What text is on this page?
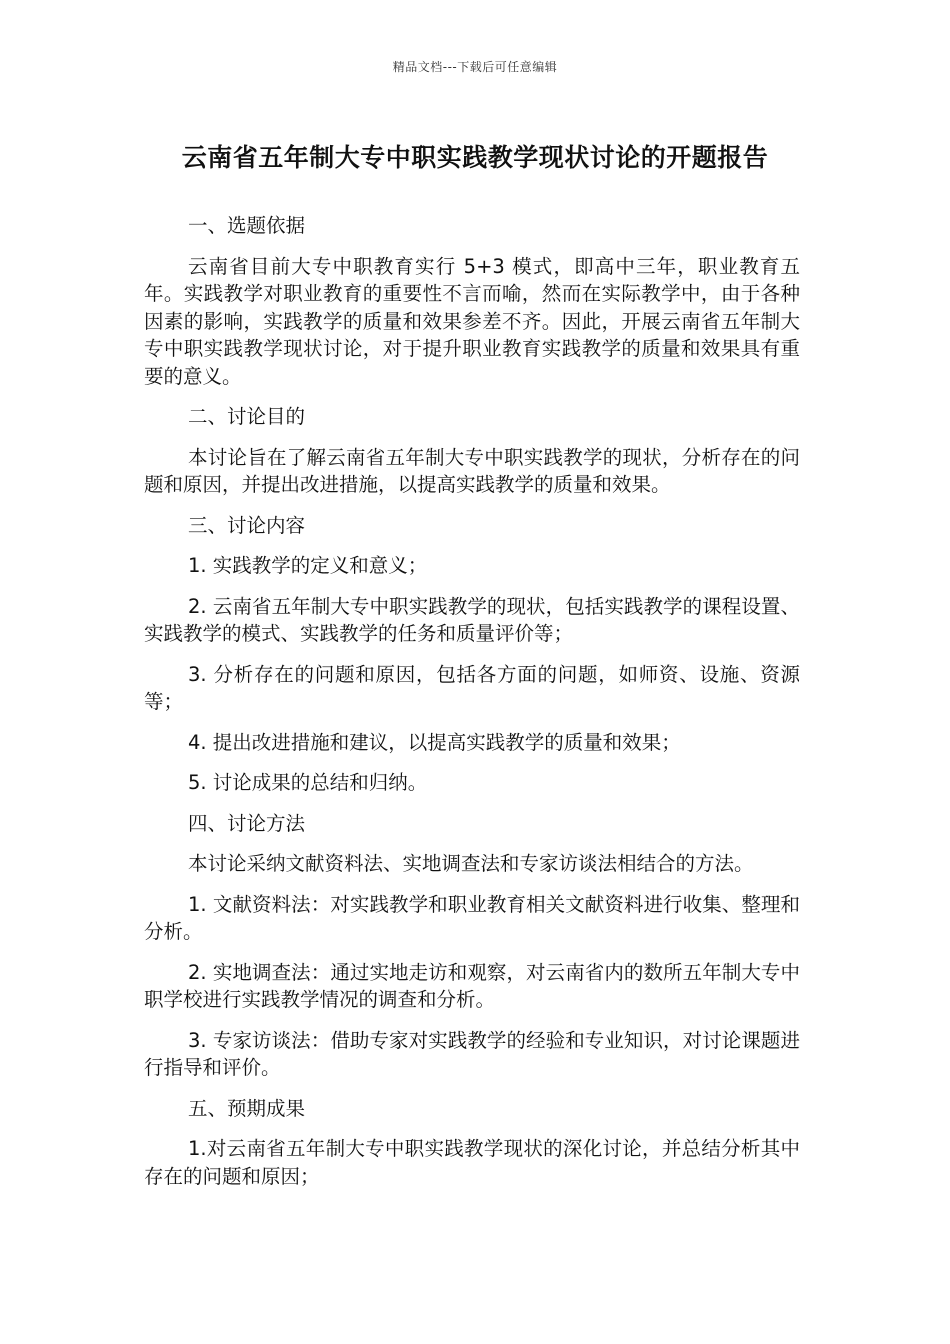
精品文档---下载后可任意编辑
云南省五年制大专中职实践教学现状讨论的开题报告

一、选题依据

云南省目前大专中职教育实行 5+3 模式，即高中三年，职业教育五年。实践教学对职业教育的重要性不言而喻，然而在实际教学中，由于各种因素的影响，实践教学的质量和效果参差不齐。因此，开展云南省五年制大专中职实践教学现状讨论，对于提升职业教育实践教学的质量和效果具有重要的意义。

二、讨论目的

本讨论旨在了解云南省五年制大专中职实践教学的现状，分析存在的问题和原因，并提出改进措施，以提高实践教学的质量和效果。

三、讨论内容

1. 实践教学的定义和意义；

2. 云南省五年制大专中职实践教学的现状，包括实践教学的课程设置、实践教学的模式、实践教学的任务和质量评价等；

3. 分析存在的问题和原因，包括各方面的问题，如师资、设施、资源等；

4. 提出改进措施和建议，以提高实践教学的质量和效果；

5. 讨论成果的总结和归纳。

四、讨论方法

本讨论采纳文献资料法、实地调查法和专家访谈法相结合的方法。

1. 文献资料法：对实践教学和职业教育相关文献资料进行收集、整理和分析。

2. 实地调查法：通过实地走访和观察，对云南省内的数所五年制大专中职学校进行实践教学情况的调查和分析。

3. 专家访谈法：借助专家对实践教学的经验和专业知识，对讨论课题进行指导和评价。

五、预期成果

1.对云南省五年制大专中职实践教学现状的深化讨论，并总结分析其中存在的问题和原因；
